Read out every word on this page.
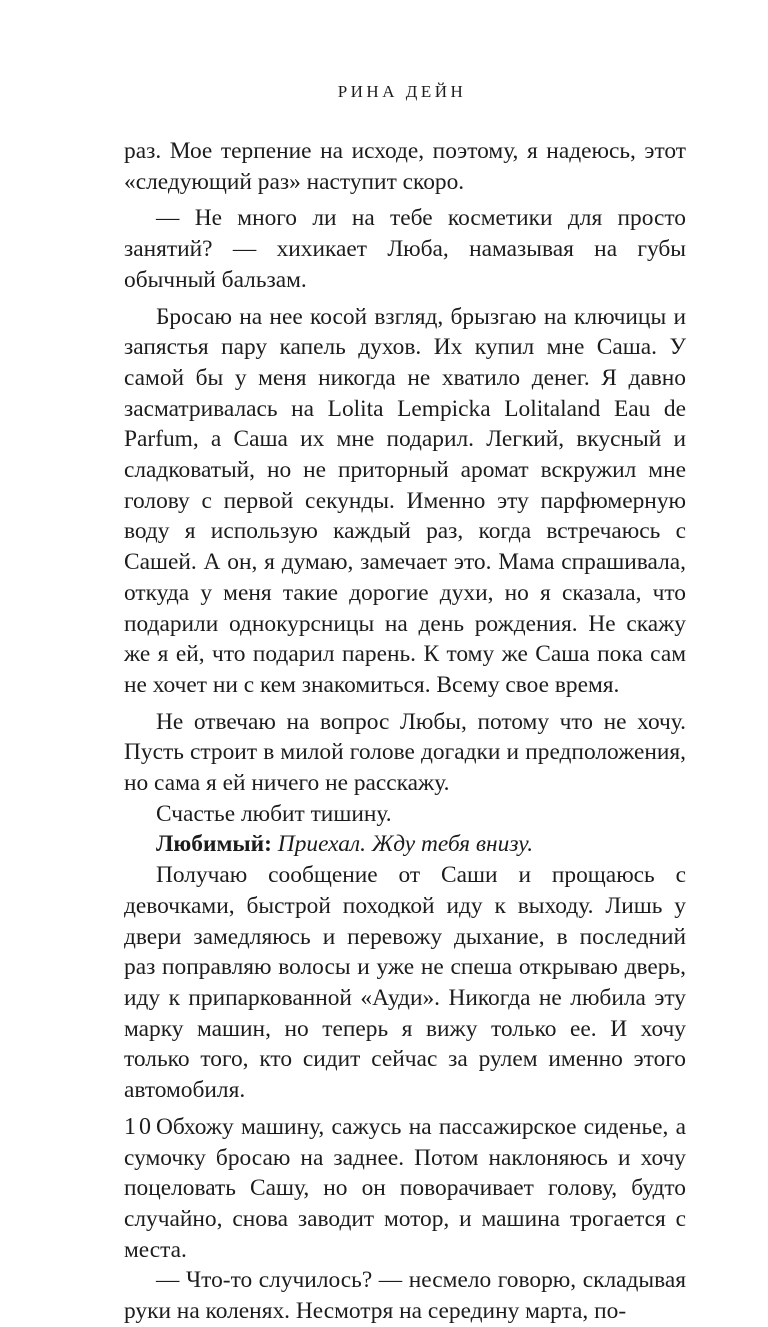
РИНА ДЕЙН

раз. Мое терпение на исходе, поэтому, я надеюсь, этот «следующий раз» наступит скоро.

— Не много ли на тебе косметики для просто занятий? — хихикает Люба, намазывая на губы обычный бальзам.

Бросаю на нее косой взгляд, брызгаю на ключицы и запястья пару капель духов. Их купил мне Саша. У самой бы у меня никогда не хватило денег. Я давно засматривалась на Lolita Lempicka Lolitaland Eau de Parfum, а Саша их мне подарил. Легкий, вкусный и сладковатый, но не приторный аромат вскружил мне голову с первой секунды. Именно эту парфюмерную воду я использую каждый раз, когда встречаюсь с Сашей. А он, я думаю, замечает это. Мама спрашивала, откуда у меня такие дорогие духи, но я сказала, что подарили однокурсницы на день рождения. Не скажу же я ей, что подарил парень. К тому же Саша пока сам не хочет ни с кем знакомиться. Всему свое время.

Не отвечаю на вопрос Любы, потому что не хочу. Пусть строит в милой голове догадки и предположения, но сама я ей ничего не расскажу.

Счастье любит тишину.

Любимый: Приехал. Жду тебя внизу.

Получаю сообщение от Саши и прощаюсь с девочками, быстрой походкой иду к выходу. Лишь у двери замедляюсь и перевожу дыхание, в последний раз поправляю волосы и уже не спеша открываю дверь, иду к припаркованной «Ауди». Никогда не любила эту марку машин, но теперь я вижу только ее. И хочу только того, кто сидит сейчас за рулем именно этого автомобиля.

Обхожу машину, сажусь на пассажирское сиденье, а сумочку бросаю на заднее. Потом наклоняюсь и хочу поцеловать Сашу, но он поворачивает голову, будто случайно, снова заводит мотор, и машина трогается с места.

— Что-то случилось? — несмело говорю, складывая руки на коленях. Несмотря на середину марта, по-

10
